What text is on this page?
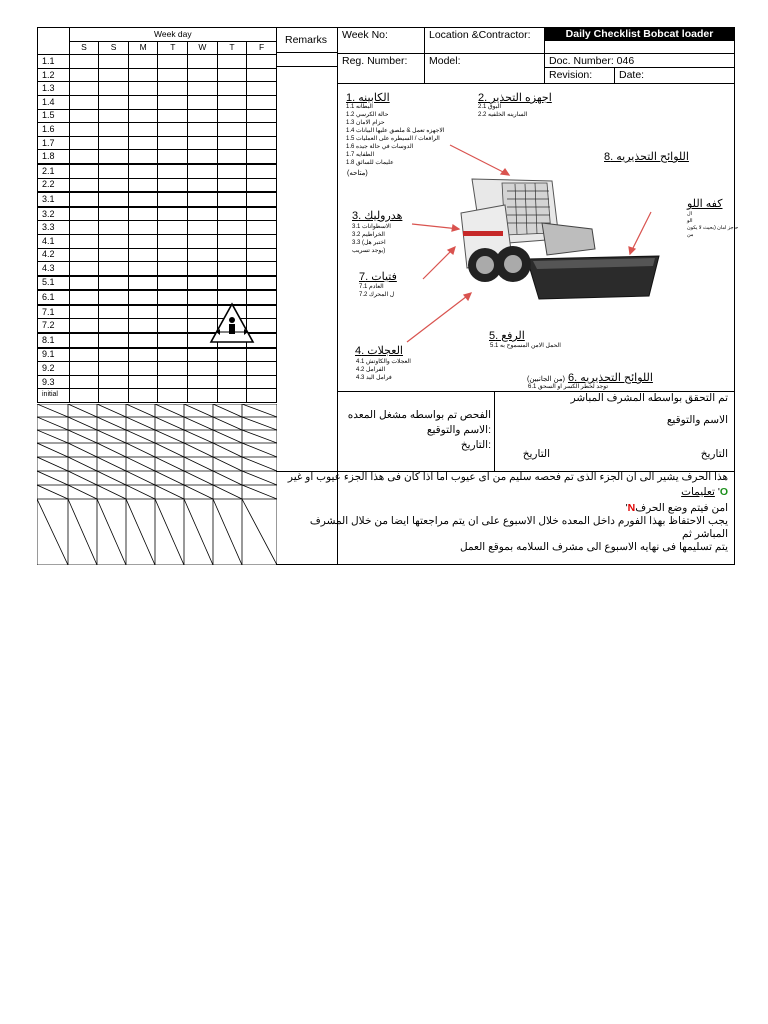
	Week day						
	S	S	M	T	W	T	F
1.1							
1.2							
1.3							
1.4							
1.5							
1.6							
1.7							
1.8							
2.1							
2.2							
3.1							
3.2							
3.3							
4.1							
4.2							
4.3							
5.1							
6.1							
7.1							
7.2							
8.1							
9.1							
9.2							
9.3							
initial							
Remarks	Week No:	Location &Contractor:	Daily Checklist Bobcat loader
Reg. Number:	Model:	Doc. Number: 046
Revision:	Date:
الكابينه .1
1.1 البطانه
1.2 حالة الكرسي
1.3 حزام الامان
1.4 الاجهزه تعمل & ملصق عليها البيانات
1.5 الرافعات / السيطره على العمليات
1.6 الدوسات في حالة جيده
1.7 الطفايه
1.8 عليمات للسائق
(متاحه)
اجهزه التحذير .2
2.1 البوق
2.2 السارينه الخلفيه
اللوائح التحذيريه .8
كفه اللو
ال
الو
حاجز امان (بحيث لا يكون
من
هدروليك .3
3.1 الاسطوانات
3.2 الخراطيم
3.3 (اختبر هل
يوجد تسريب)
فتيات .7
7.1 العادم
7.2 ل المحرك
الرفع .5
5.1 الحمل الامن المسموح به
العجلات .4
4.1 العجلات والكاوتش
4.2 الفرامل
4.3 فرامل اليد	اللوائح التحذيريه .6 (من الجانبين)
6.1 توجد لخطر الكسر او السحق
تم التحقق بواسطه المشرف المباشر
الفحص تم بواسطه مشغل المعده
:الاسم والتوقيع
:التاريخ
الاسم والتوقيع
التاريخ	التاريخ
هذا الحرف يشير الى ان الجزء الذى تم فحصه سليم من اى عيوب اما اذا كان فى هذا الجزء عيوب او غير
O' تعليمات
امن فيتم وضع الحرفN'
يجب الاحتفاظ بهذا الفورم داخل المعده خلال الاسبوع على ان يتم مراجعتها ايضا من خلال المشرف
المباشر ثم
يتم تسليمها فى نهايه الاسبوع الى مشرف السلامه بموقع العمل
